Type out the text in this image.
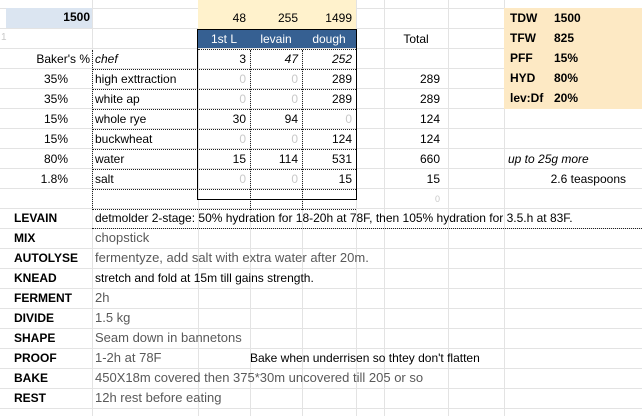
1500
1
48	255	1499
Total
1st L	levain	dough
Baker's % chef	3	47	252
35% high exttraction	0	0	289	289
35% white ap	0	0	289	289
15% whole rye	30	94	0	124
15% buckwheat	0	0	124	124
80% water	15	114	531	660	up to 25g more
1.8% salt	0	0	15	15	2.6 teaspoons
0
TDW	1500
TFW	825
PFF	15%
HYD	80%
lev:Df 20%
LEVAIN	detmolder 2-stage: 50% hydration for 18-20h at 78F, then 105% hydration for 3.5.h at 83F.
MIX	chopstick
AUTOLYSE	fermentyze, add salt with extra water after 20m.
KNEAD	stretch and fold at 15m till gains strength.
FERMENT	2h
DIVIDE	1.5 kg
SHAPE	Seam down in bannetons
PROOF	1-2h at 78F	Bake when underrisen so thtey don't flatten
BAKE	450X18m covered then 375*30m uncovered till 205 or so
REST	12h rest before eating
